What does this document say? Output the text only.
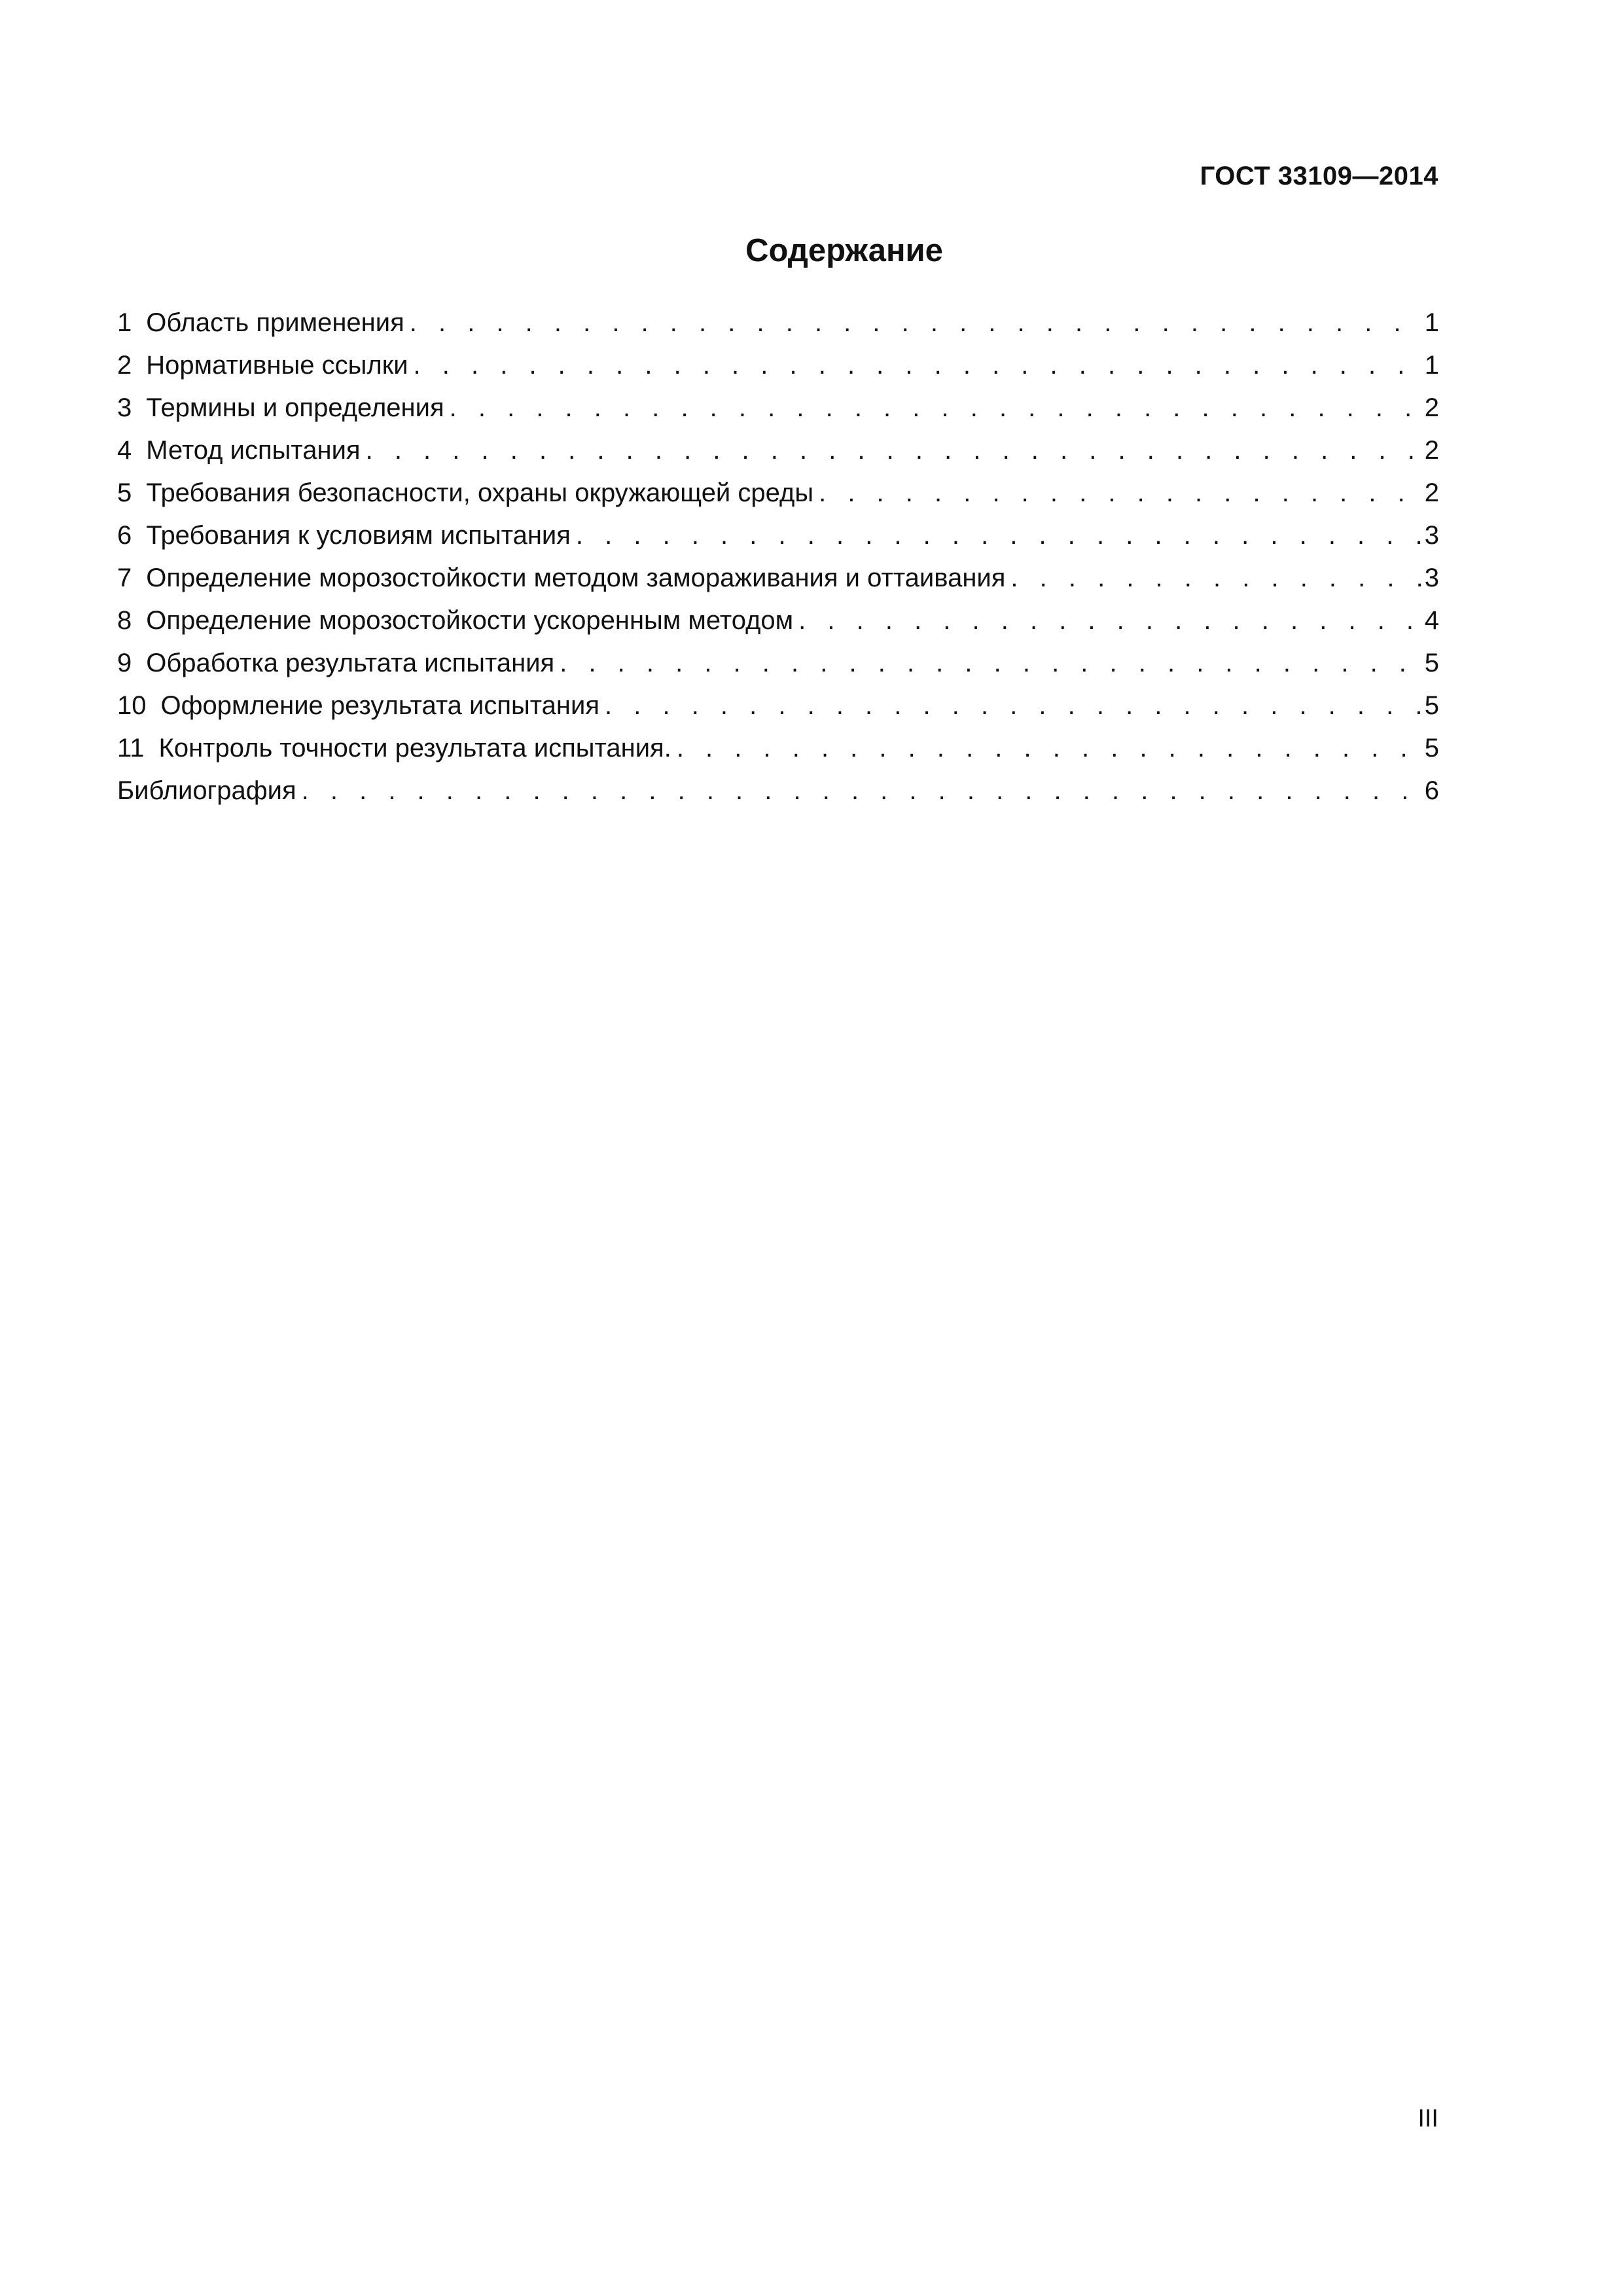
ГОСТ 33109—2014
Содержание
1 Область применения . . .	1
2 Нормативные ссылки . . .	1
3 Термины и определения . . .	2
4 Метод испытания . . .	2
5 Требования безопасности, охраны окружающей среды . . .	2
6 Требования к условиям испытания . . .	3
7 Определение морозостойкости методом замораживания и оттаивания . . .	3
8 Определение морозостойкости ускоренным методом . . .	4
9 Обработка результата испытания . . .	5
10 Оформление результата испытания . . .	5
11 Контроль точности результата испытания. . . .	5
Библиография . . .	6
III
